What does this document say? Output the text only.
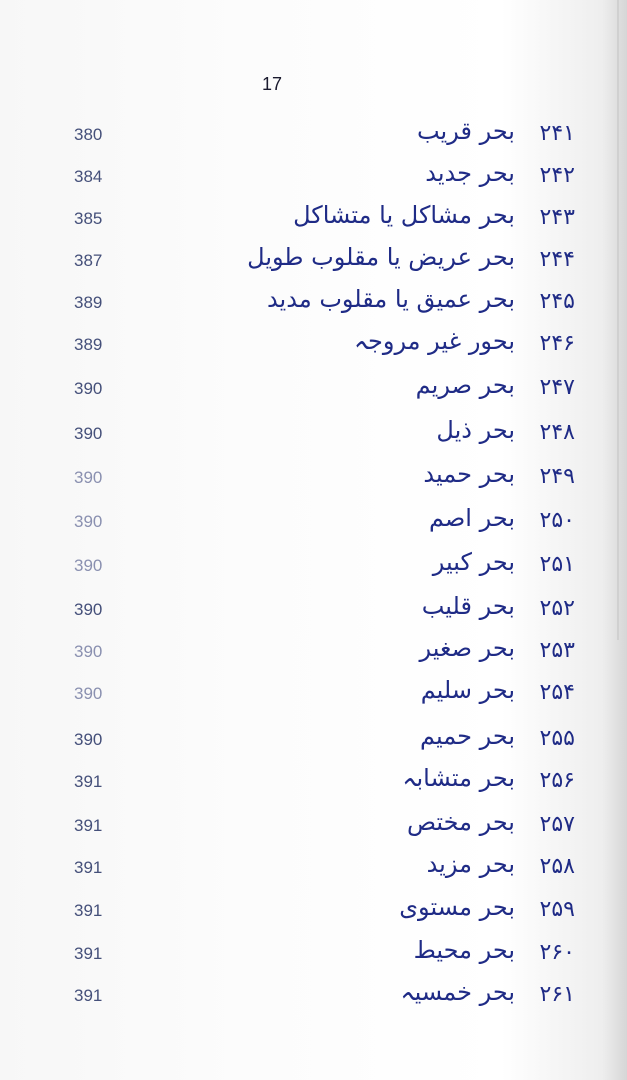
17
380	بحر قریب ۲۴۱
384	بحر جدید ۲۴۲
385	بحر مشاکل یا متشاکل ۲۴۳
387	بحر عریض یا مقلوب طویل ۲۴۴
389	بحر عمیق یا مقلوب مدید ۲۴۵
389	بحور غیر مروجہ ۲۴۶
390	بحر صریم ۲۴۷
390	بحر ذیل ۲۴۸
390	بحر حمید ۲۴۹
390	بحر اصم ۲۵۰
390	بحر کبیر ۲۵۱
390	بحر قلیب ۲۵۲
390	بحر صغیر ۲۵۳
390	بحر سلیم ۲۵۴
390	بحر حمیم ۲۵۵
391	بحر متشابہ ۲۵۶
391	بحر مختص ۲۵۷
391	بحر مزید ۲۵۸
391	بحر مستوی ۲۵۹
391	بحر محیط ۲۶۰
391	بحر خمسیہ ۲۶۱
